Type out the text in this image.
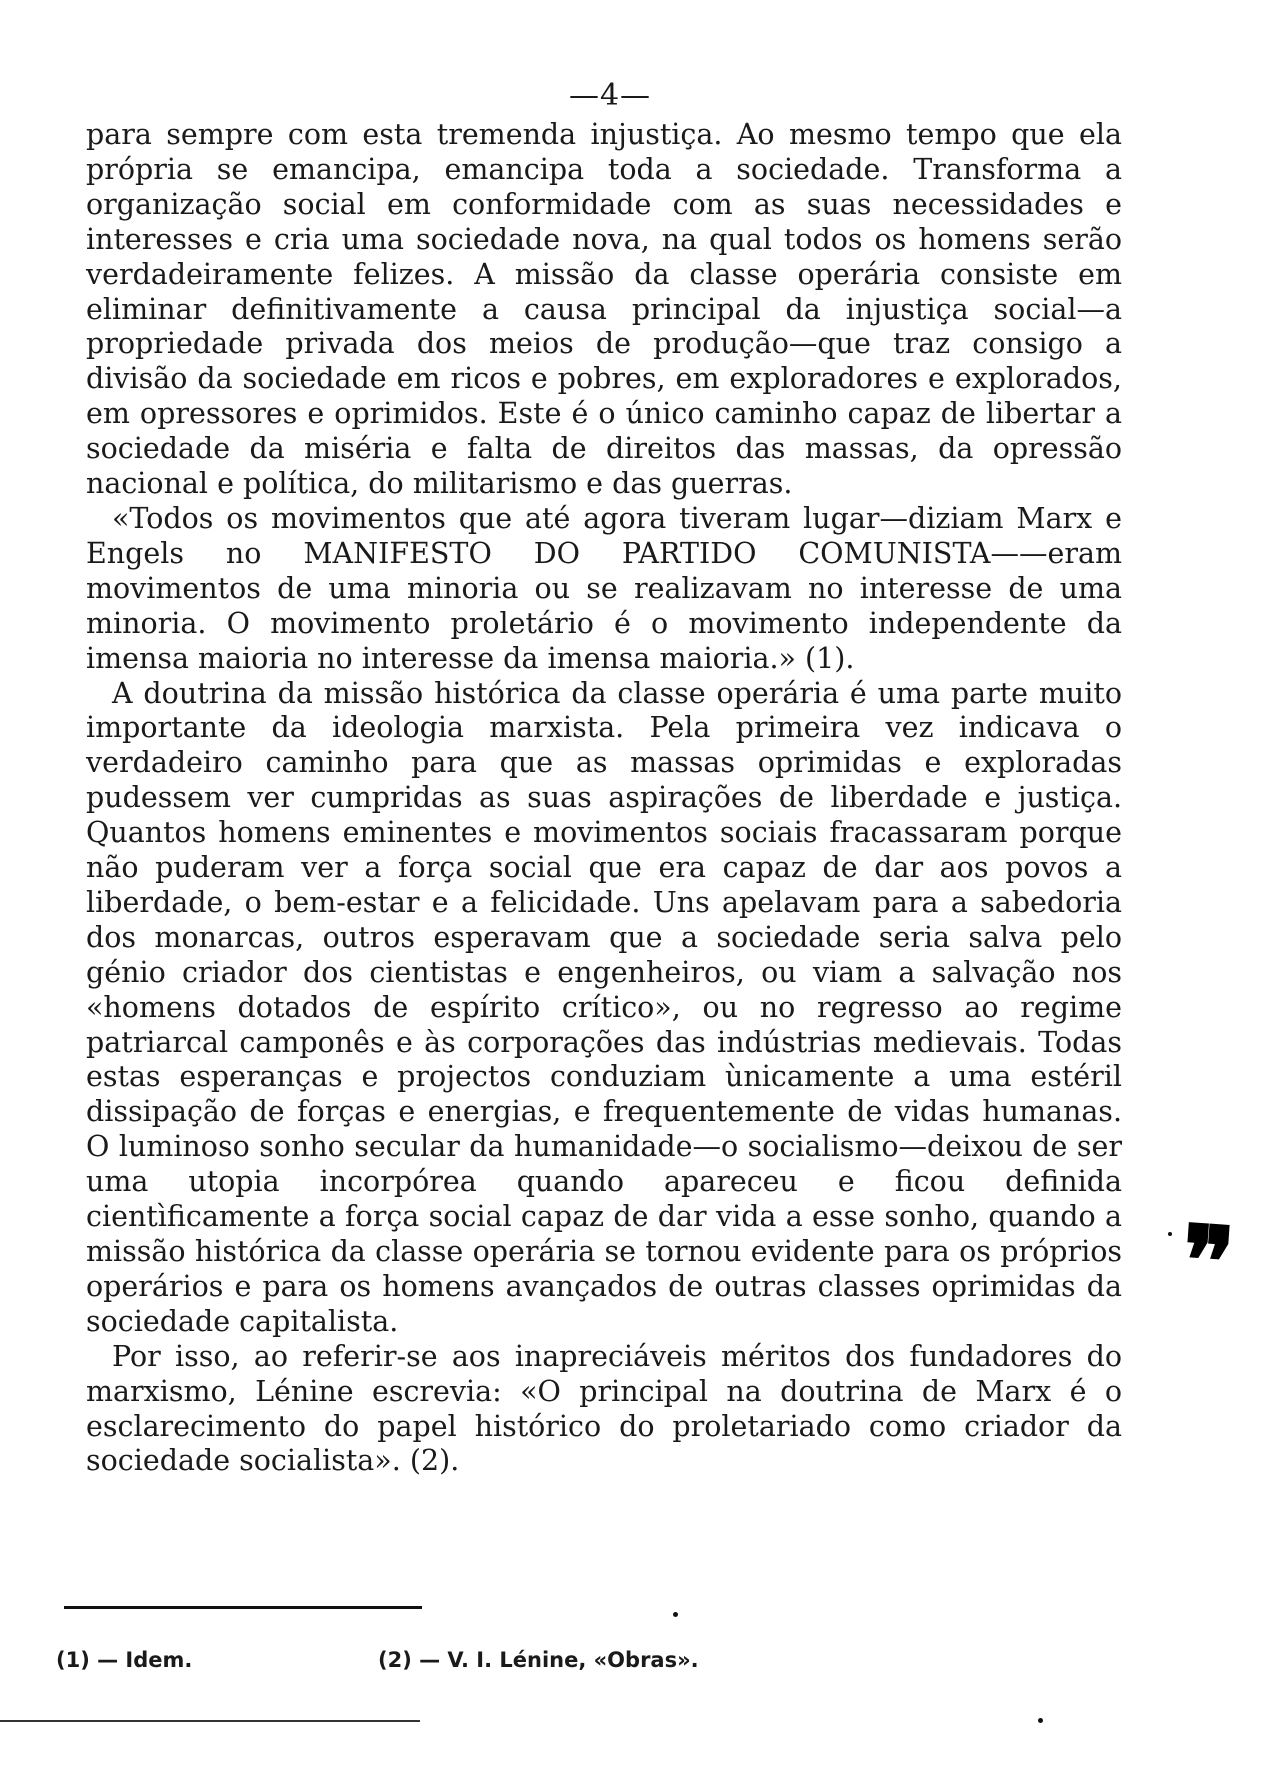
—4—

para sempre com esta tremenda injustiça. Ao mesmo tempo que ela própria se emancipa, emancipa toda a sociedade. Transforma a organização social em conformidade com as suas necessidades e interesses e cria uma sociedade nova, na qual todos os homens serão verdadeiramente felizes. A missão da classe operária consiste em eliminar definitivamente a causa principal da injustiça social—a propriedade privada dos meios de produção—que traz consigo a divisão da sociedade em ricos e pobres, em exploradores e explorados, em opressores e oprimidos. Este é o único caminho capaz de libertar a sociedade da miséria e falta de direitos das massas, da opressão nacional e política, do militarismo e das guerras.

«Todos os movimentos que até agora tiveram lugar—diziam Marx e Engels no MANIFESTO DO PARTIDO COMUNISTA——eram movimentos de uma minoria ou se realizavam no interesse de uma minoria. O movimento proletário é o movimento independente da imensa maioria no interesse da imensa maioria.» (1).

A doutrina da missão histórica da classe operária é uma parte muito importante da ideologia marxista. Pela primeira vez indicava o verdadeiro caminho para que as massas oprimidas e exploradas pudessem ver cumpridas as suas aspirações de liberdade e justiça. Quantos homens eminentes e movimentos sociais fracassaram porque não puderam ver a força social que era capaz de dar aos povos a liberdade, o bem-estar e a felicidade. Uns apelavam para a sabedoria dos monarcas, outros esperavam que a sociedade seria salva pelo génio criador dos cientistas e engenheiros, ou viam a salvação nos «homens dotados de espírito crítico», ou no regresso ao regime patriarcal camponês e às corporações das indústrias medievais. Todas estas esperanças e projectos conduziam ùnicamente a uma estéril dissipação de forças e energias, e frequentemente de vidas humanas. O luminoso sonho secular da humanidade—o socialismo—deixou de ser uma utopia incorpórea quando apareceu e ficou definida cientìficamente a força social capaz de dar vida a esse sonho, quando a missão histórica da classe operária se tornou evidente para os próprios operários e para os homens avançados de outras classes oprimidas da sociedade capitalista.

Por isso, ao referir-se aos inapreciáveis méritos dos fundadores do marxismo, Lénine escrevia: «O principal na doutrina de Marx é o esclarecimento do papel histórico do proletariado como criador da sociedade socialista». (2).

(1) — Idem.	(2) — V. I. Lénine, «Obras».
❞
